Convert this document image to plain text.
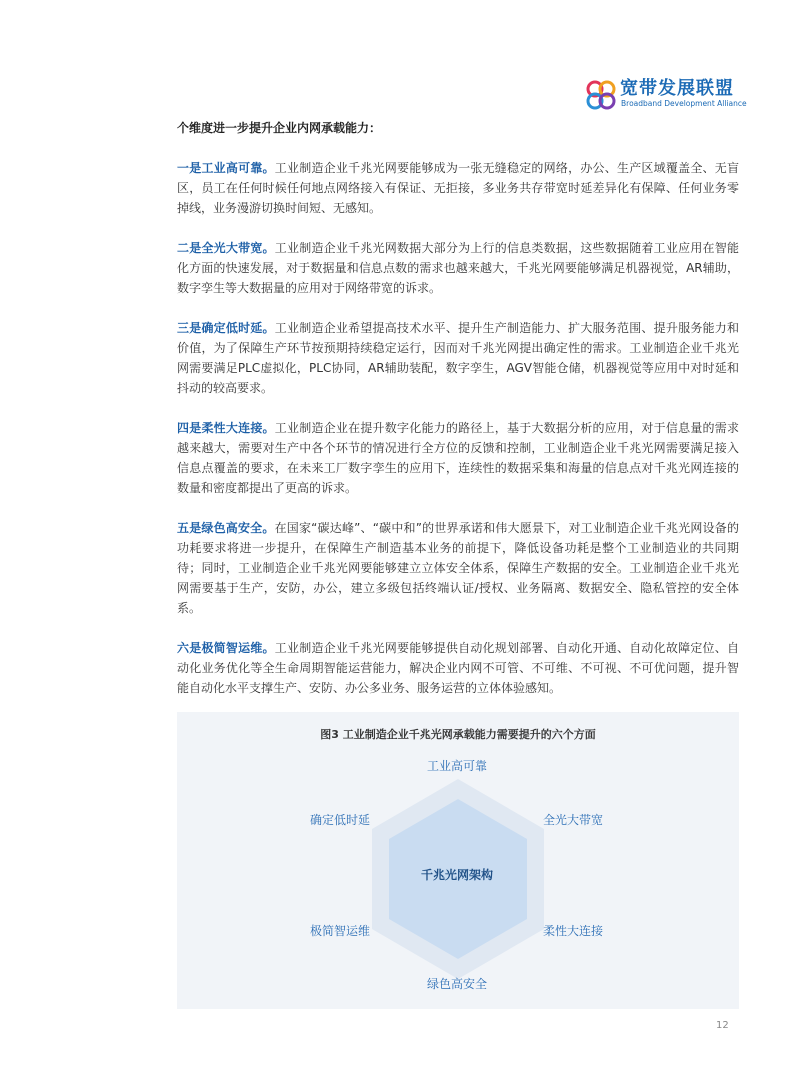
宽带发展联盟
Broadband Development Alliance

个维度进一步提升企业内网承载能力：

一是工业高可靠。工业制造企业千兆光网要能够成为一张无缝稳定的网络，办公、生产区域覆盖全、无盲区，员工在任何时候任何地点网络接入有保证、无拒接，多业务共存带宽时延差异化有保障、任何业务零掉线，业务漫游切换时间短、无感知。

二是全光大带宽。工业制造企业千兆光网数据大部分为上行的信息类数据，这些数据随着工业应用在智能化方面的快速发展，对于数据量和信息点数的需求也越来越大，千兆光网要能够满足机器视觉，AR辅助，数字孪生等大数据量的应用对于网络带宽的诉求。

三是确定低时延。工业制造企业希望提高技术水平、提升生产制造能力、扩大服务范围、提升服务能力和价值，为了保障生产环节按预期持续稳定运行，因而对千兆光网提出确定性的需求。工业制造企业千兆光网需要满足PLC虚拟化，PLC协同，AR辅助装配，数字孪生，AGV智能仓储，机器视觉等应用中对时延和抖动的较高要求。

四是柔性大连接。工业制造企业在提升数字化能力的路径上，基于大数据分析的应用，对于信息量的需求越来越大，需要对生产中各个环节的情况进行全方位的反馈和控制，工业制造企业千兆光网需要满足接入信息点覆盖的要求，在未来工厂数字孪生的应用下，连续性的数据采集和海量的信息点对千兆光网连接的数量和密度都提出了更高的诉求。

五是绿色高安全。在国家“碳达峰”、“碳中和”的世界承诺和伟大愿景下，对工业制造企业千兆光网设备的功耗要求将进一步提升，在保障生产制造基本业务的前提下，降低设备功耗是整个工业制造业的共同期待；同时，工业制造企业千兆光网要能够建立立体安全体系，保障生产数据的安全。工业制造企业千兆光网需要基于生产，安防，办公，建立多级包括终端认证/授权、业务隔离、数据安全、隐私管控的安全体系。

六是极简智运维。工业制造企业千兆光网要能够提供自动化规划部署、自动化开通、自动化故障定位、自动化业务优化等全生命周期智能运营能力，解决企业内网不可管、不可维、不可视、不可优问题，提升智能自动化水平支撑生产、安防、办公多业务、服务运营的立体体验感知。

图3 工业制造企业千兆光网承载能力需要提升的六个方面
工业高可靠
全光大带宽
柔性大连接
绿色高安全
极简智运维
确定低时延
千兆光网架构
12
